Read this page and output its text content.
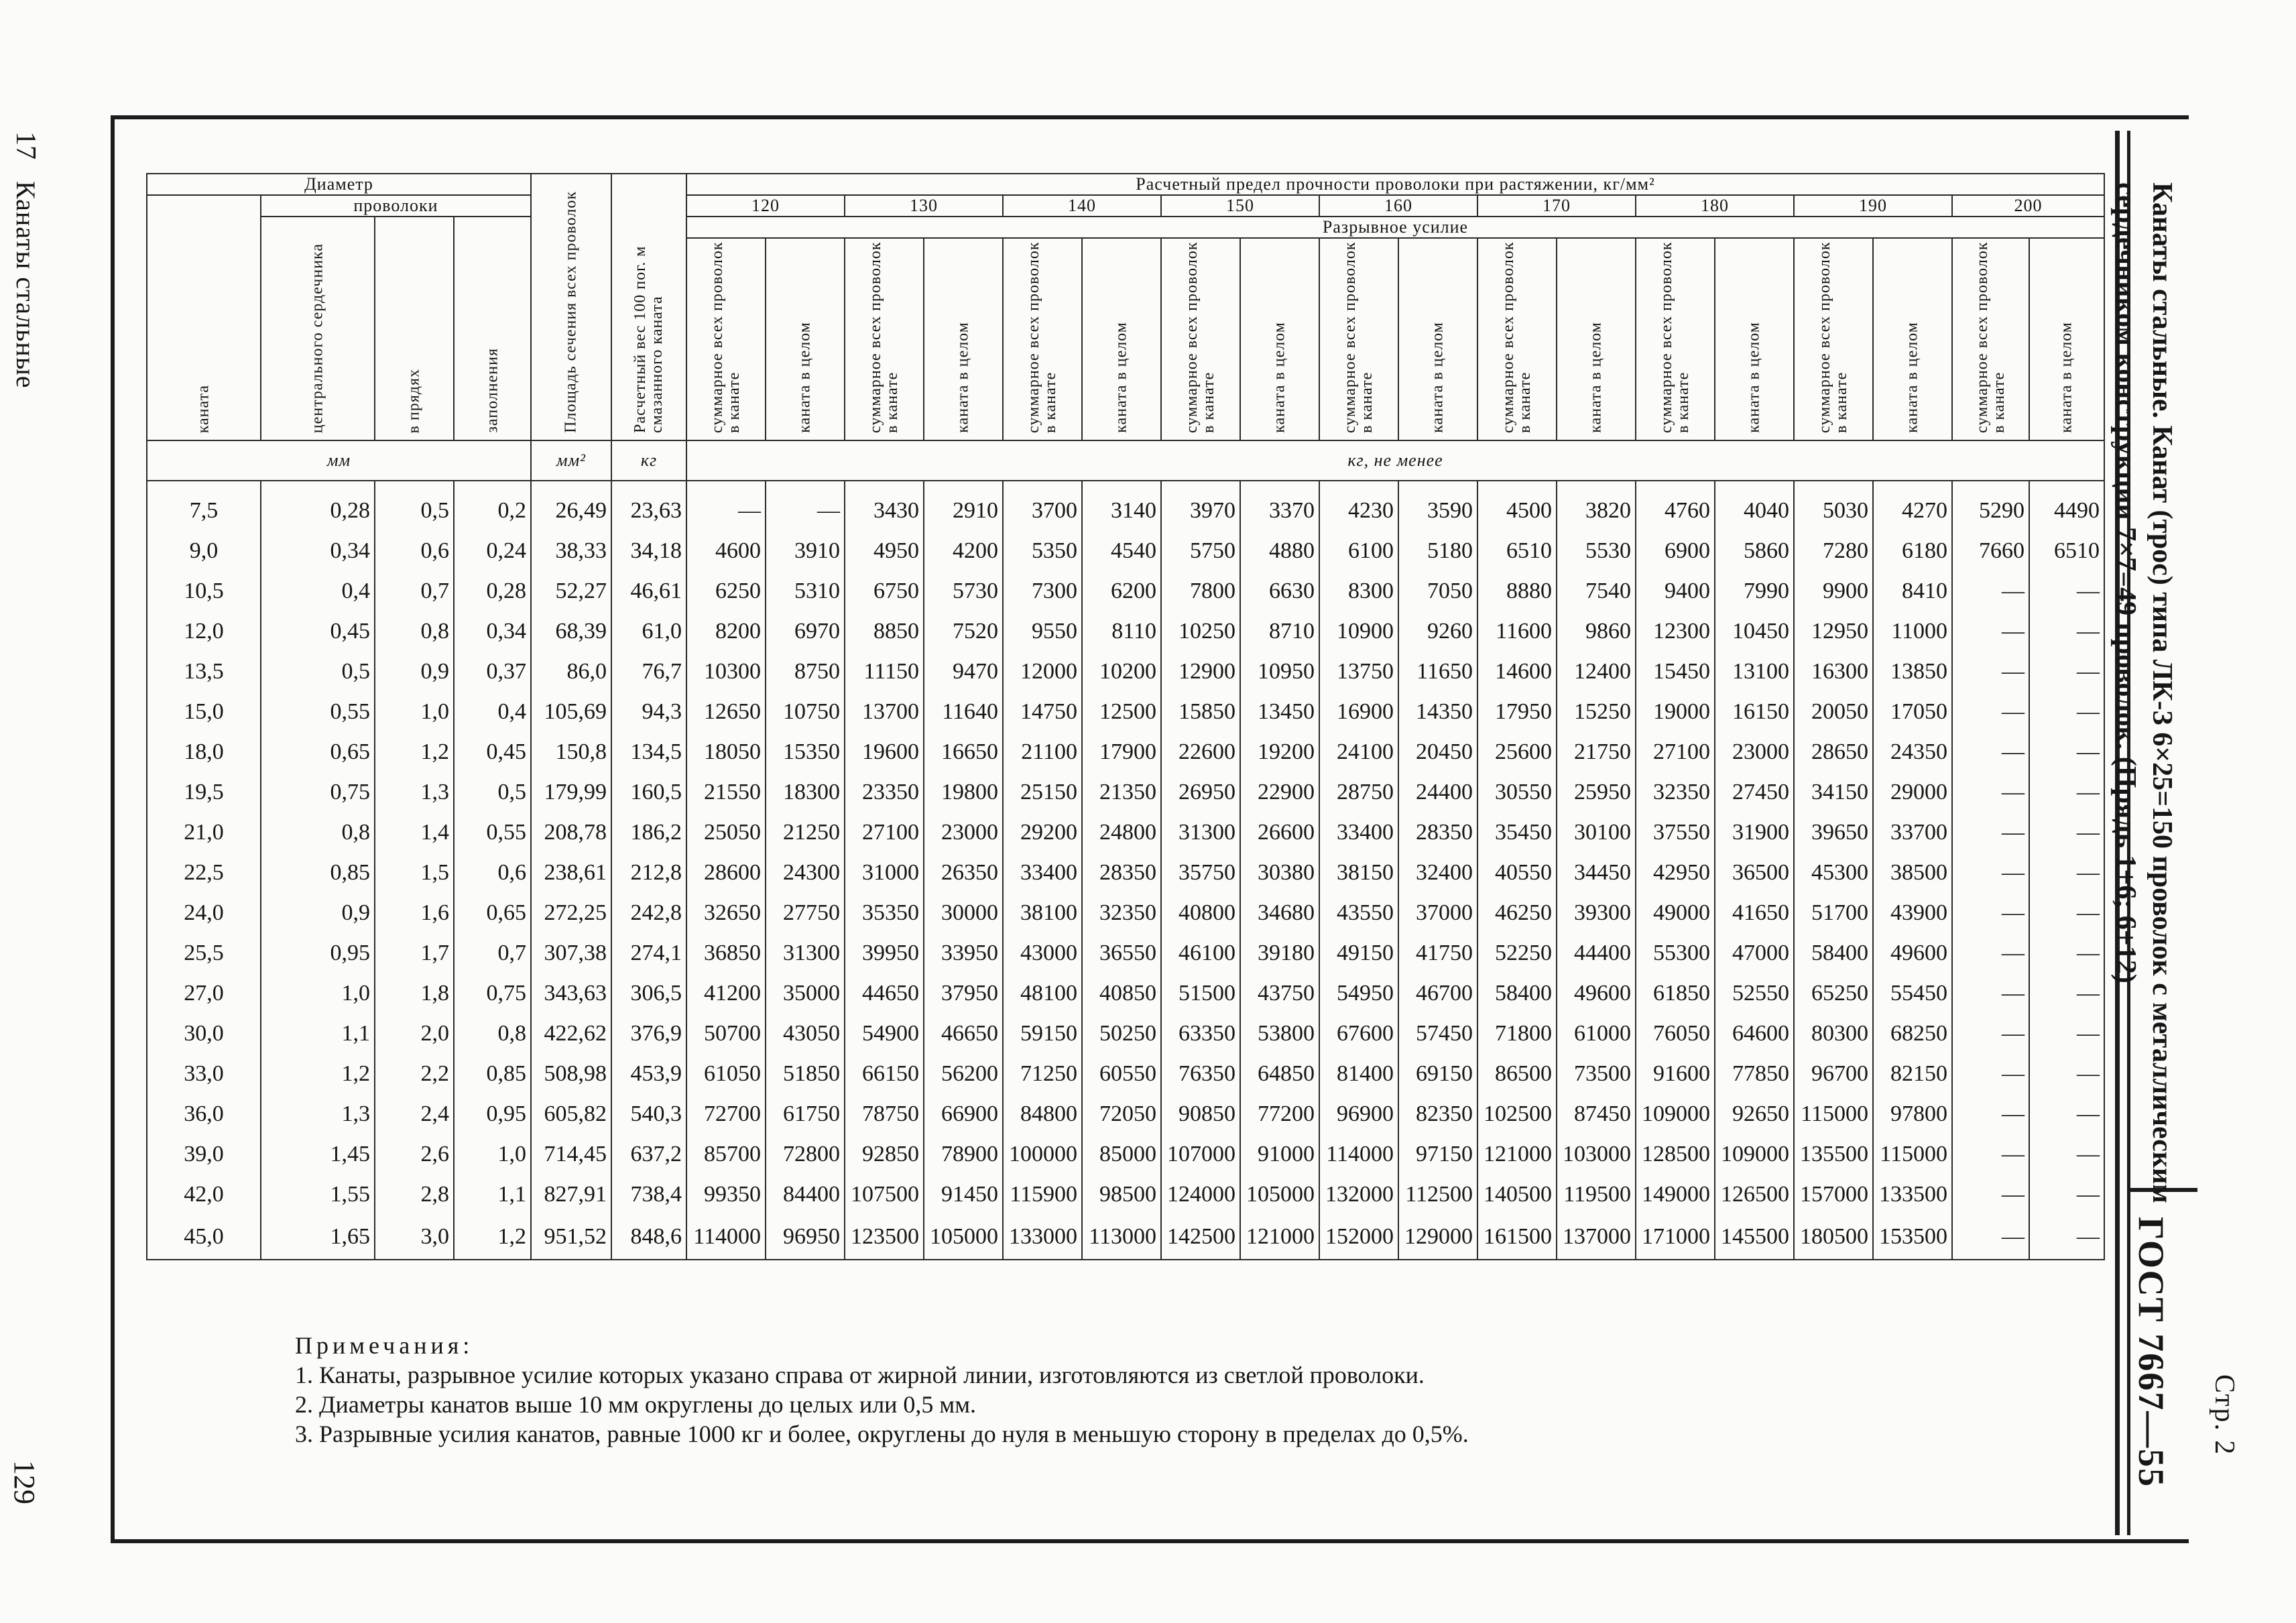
17
Канаты стальные
129
Канаты стальные. Канат (трос) типа ЛК-З 6×25=150 проволок с металлическим сердечником конструкции 7×7=49 проволок. (Прядь 1+6; 6+12)
ГОСТ 7667—55 Стр. 2
Диаметр				Площадь сечения всех проволок	Расчетный вес 100 пог. м смазанного каната	Расчетный предел прочности проволоки при растяжении, кг/мм²																	

каната	проволоки					120		130		140		150		160		170		180		190		200	

	центрального сердечника	в прядях	заполнения			Разрывное усилие																	

						суммарное всех проволок в канате	каната в целом	суммарное всех проволок в канате	каната в целом	суммарное всех проволок в канате	каната в целом	суммарное всех проволок в канате	каната в целом	суммарное всех проволок в канате	каната в целом	суммарное всех проволок в канате	каната в целом	суммарное всех проволок в канате	каната в целом	суммарное всех проволок в канате	каната в целом	суммарное всех проволок в канате	каната в целом

мм				мм²	кг	кг, не менее																	

7,5	0,28	0,5	0,2	26,49	23,63	—	—	3430	2910	3700	3140	3970	3370	4230	3590	4500	3820	4760	4040	5030	4270	5290	4490
9,0	0,34	0,6	0,24	38,33	34,18	4600	3910	4950	4200	5350	4540	5750	4880	6100	5180	6510	5530	6900	5860	7280	6180	7660	6510
10,5	0,4	0,7	0,28	52,27	46,61	6250	5310	6750	5730	7300	6200	7800	6630	8300	7050	8880	7540	9400	7990	9900	8410	—	—
12,0	0,45	0,8	0,34	68,39	61,0	8200	6970	8850	7520	9550	8110	10250	8710	10900	9260	11600	9860	12300	10450	12950	11000	—	—
13,5	0,5	0,9	0,37	86,0	76,7	10300	8750	11150	9470	12000	10200	12900	10950	13750	11650	14600	12400	15450	13100	16300	13850	—	—
15,0	0,55	1,0	0,4	105,69	94,3	12650	10750	13700	11640	14750	12500	15850	13450	16900	14350	17950	15250	19000	16150	20050	17050	—	—
18,0	0,65	1,2	0,45	150,8	134,5	18050	15350	19600	16650	21100	17900	22600	19200	24100	20450	25600	21750	27100	23000	28650	24350	—	—
19,5	0,75	1,3	0,5	179,99	160,5	21550	18300	23350	19800	25150	21350	26950	22900	28750	24400	30550	25950	32350	27450	34150	29000	—	—
21,0	0,8	1,4	0,55	208,78	186,2	25050	21250	27100	23000	29200	24800	31300	26600	33400	28350	35450	30100	37550	31900	39650	33700	—	—
22,5	0,85	1,5	0,6	238,61	212,8	28600	24300	31000	26350	33400	28350	35750	30380	38150	32400	40550	34450	42950	36500	45300	38500	—	—
24,0	0,9	1,6	0,65	272,25	242,8	32650	27750	35350	30000	38100	32350	40800	34680	43550	37000	46250	39300	49000	41650	51700	43900	—	—
25,5	0,95	1,7	0,7	307,38	274,1	36850	31300	39950	33950	43000	36550	46100	39180	49150	41750	52250	44400	55300	47000	58400	49600	—	—
27,0	1,0	1,8	0,75	343,63	306,5	41200	35000	44650	37950	48100	40850	51500	43750	54950	46700	58400	49600	61850	52550	65250	55450	—	—
30,0	1,1	2,0	0,8	422,62	376,9	50700	43050	54900	46650	59150	50250	63350	53800	67600	57450	71800	61000	76050	64600	80300	68250	—	—
33,0	1,2	2,2	0,85	508,98	453,9	61050	51850	66150	56200	71250	60550	76350	64850	81400	69150	86500	73500	91600	77850	96700	82150	—	—
36,0	1,3	2,4	0,95	605,82	540,3	72700	61750	78750	66900	84800	72050	90850	77200	96900	82350	102500	87450	109000	92650	115000	97800	—	—
39,0	1,45	2,6	1,0	714,45	637,2	85700	72800	92850	78900	100000	85000	107000	91000	114000	97150	121000	103000	128500	109000	135500	115000	—	—
42,0	1,55	2,8	1,1	827,91	738,4	99350	84400	107500	91450	115900	98500	124000	105000	132000	112500	140500	119500	149000	126500	157000	133500	—	—
45,0	1,65	3,0	1,2	951,52	848,6	114000	96950	123500	105000	133000	113000	142500	121000	152000	129000	161500	137000	171000	145500	180500	153500	—	—
Примечания:
1. Канаты, разрывное усилие которых указано справа от жирной линии, изготовляются из светлой проволоки.
2. Диаметры канатов выше 10 мм округлены до целых или 0,5 мм.
3. Разрывные усилия канатов, равные 1000 кг и более, округлены до нуля в меньшую сторону в пределах до 0,5%.
